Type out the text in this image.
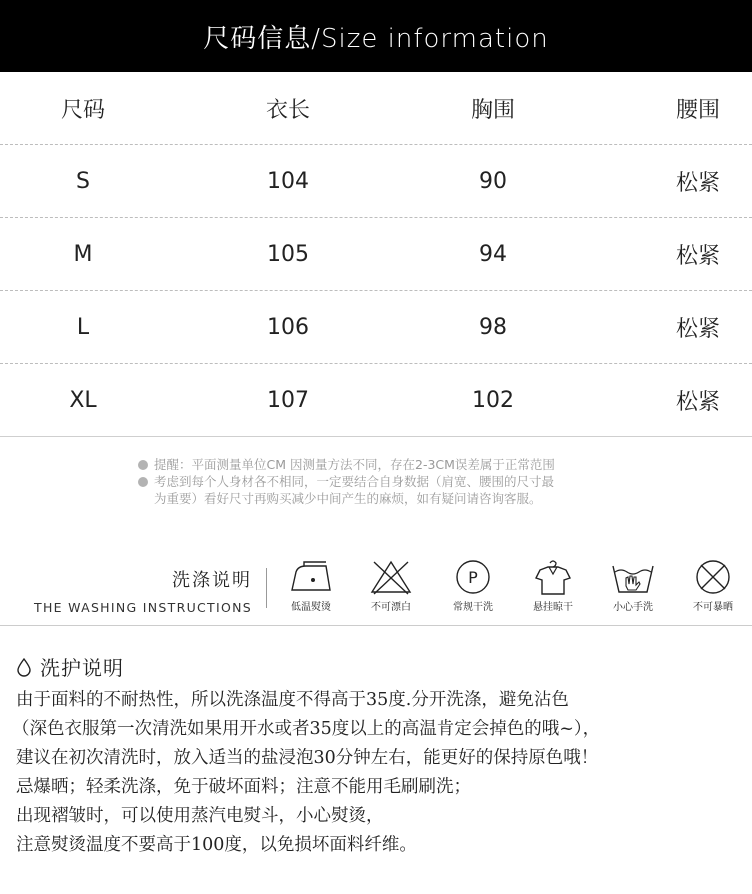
尺码信息/Size information
尺码	衣长	胸围	腰围
S	104	90	松紧
M	105	94	松紧
L	106	98	松紧
XL	107	102	松紧
提醒：平面测量单位CM 因测量方法不同，存在2-3CM误差属于正常范围
考虑到每个人身材各不相同，一定要结合自身数据（肩宽、腰围的尺寸最
为重要）看好尺寸再购买减少中间产生的麻烦，如有疑问请咨询客服。
洗涤说明
THE WASHING INSTRUCTIONS	低温熨烫	不可漂白
P
常规干洗	悬挂晾干	小心手洗	不可暴晒
洗护说明
由于面料的不耐热性，所以洗涤温度不得高于35度.分开洗涤，避免沾色
（深色衣服第一次清洗如果用开水或者35度以上的高温肯定会掉色的哦~），
建议在初次清洗时，放入适当的盐浸泡30分钟左右，能更好的保持原色哦！
忌爆晒；轻柔洗涤，免于破坏面料；注意不能用毛刷刷洗；
出现褶皱时，可以使用蒸汽电熨斗，小心熨烫，
注意熨烫温度不要高于100度，以免损坏面料纤维。
